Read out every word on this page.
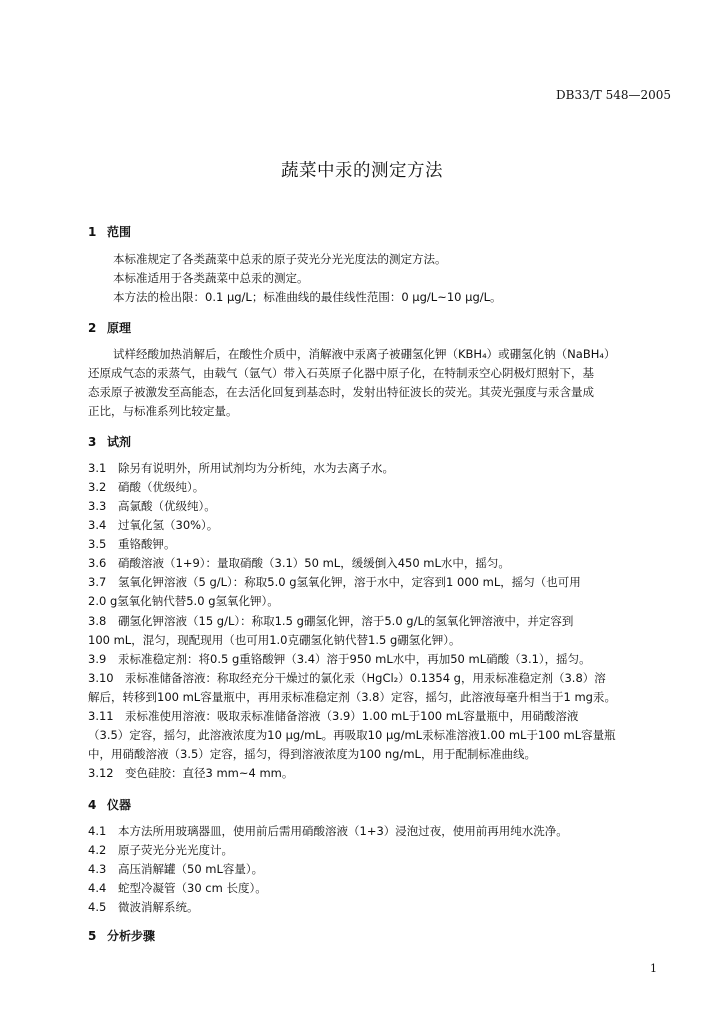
DB33/T 548—2005
蔬菜中汞的测定方法
1 范围
本标准规定了各类蔬菜中总汞的原子荧光分光光度法的测定方法。
本标准适用于各类蔬菜中总汞的测定。
本方法的检出限：0.1 μg/L；标准曲线的最佳线性范围：0 μg/L~10 μg/L。
2 原理
试样经酸加热消解后，在酸性介质中，消解液中汞离子被硼氢化钾（KBH₄）或硼氢化钠（NaBH₄）
还原成气态的汞蒸气，由载气（氩气）带入石英原子化器中原子化，在特制汞空心阴极灯照射下，基
态汞原子被激发至高能态，在去活化回复到基态时，发射出特征波长的荧光。其荧光强度与汞含量成
正比，与标准系列比较定量。
3 试剂
3.1 除另有说明外，所用试剂均为分析纯，水为去离子水。
3.2 硝酸（优级纯）。
3.3 高氯酸（优级纯）。
3.4 过氧化氢（30%）。
3.5 重铬酸钾。
3.6 硝酸溶液（1+9）：量取硝酸（3.1）50 mL，缓缓倒入450 mL水中，摇匀。
3.7 氢氧化钾溶液（5 g/L）：称取5.0 g氢氧化钾，溶于水中，定容到1 000 mL，摇匀（也可用
2.0 g氢氧化钠代替5.0 g氢氧化钾）。
3.8 硼氢化钾溶液（15 g/L）：称取1.5 g硼氢化钾，溶于5.0 g/L的氢氧化钾溶液中，并定容到
100 mL，混匀，现配现用（也可用1.0克硼氢化钠代替1.5 g硼氢化钾）。
3.9 汞标准稳定剂：将0.5 g重铬酸钾（3.4）溶于950 mL水中，再加50 mL硝酸（3.1），摇匀。
3.10 汞标准储备溶液：称取经充分干燥过的氯化汞（HgCl₂）0.1354 g，用汞标准稳定剂（3.8）溶
解后，转移到100 mL容量瓶中，再用汞标准稳定剂（3.8）定容，摇匀，此溶液每毫升相当于1 mg汞。
3.11 汞标准使用溶液：吸取汞标准储备溶液（3.9）1.00 mL于100 mL容量瓶中，用硝酸溶液
（3.5）定容，摇匀，此溶液浓度为10 μg/mL。再吸取10 μg/mL汞标准溶液1.00 mL于100 mL容量瓶
中，用硝酸溶液（3.5）定容，摇匀，得到溶液浓度为100 ng/mL，用于配制标准曲线。
3.12 变色硅胶：直径3 mm~4 mm。
4 仪器
4.1 本方法所用玻璃器皿，使用前后需用硝酸溶液（1+3）浸泡过夜，使用前再用纯水洗净。
4.2 原子荧光分光光度计。
4.3 高压消解罐（50 mL容量）。
4.4 蛇型冷凝管（30 cm 长度）。
4.5 微波消解系统。
5 分析步骤
1
